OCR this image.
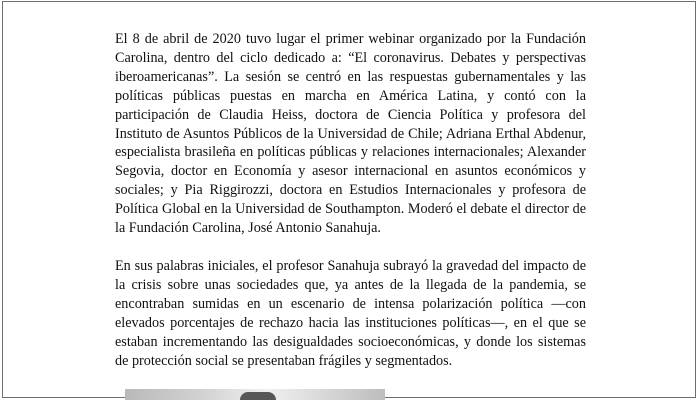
El 8 de abril de 2020 tuvo lugar el primer webinar organizado por la Fundación Carolina, dentro del ciclo dedicado a: “El coronavirus. Debates y perspectivas iberoamericanas”. La sesión se centró en las respuestas gubernamentales y las políticas públicas puestas en marcha en América Latina, y contó con la participación de Claudia Heiss, doctora de Ciencia Política y profesora del Instituto de Asuntos Públicos de la Universidad de Chile; Adriana Erthal Abdenur, especialista brasileña en políticas públicas y relaciones internacionales; Alexander Segovia, doctor en Economía y asesor internacional en asuntos económicos y sociales; y Pia Riggirozzi, doctora en Estudios Internacionales y profesora de Política Global en la Universidad de Southampton. Moderó el debate el director de la Fundación Carolina, José Antonio Sanahuja.

En sus palabras iniciales, el profesor Sanahuja subrayó la gravedad del impacto de la crisis sobre unas sociedades que, ya antes de la llegada de la pandemia, se encontraban sumidas en un escenario de intensa polarización política —con elevados porcentajes de rechazo hacia las instituciones políticas—, en el que se estaban incrementando las desigualdades socioeconómicas, y donde los sistemas de protección social se presentaban frágiles y segmentados.
